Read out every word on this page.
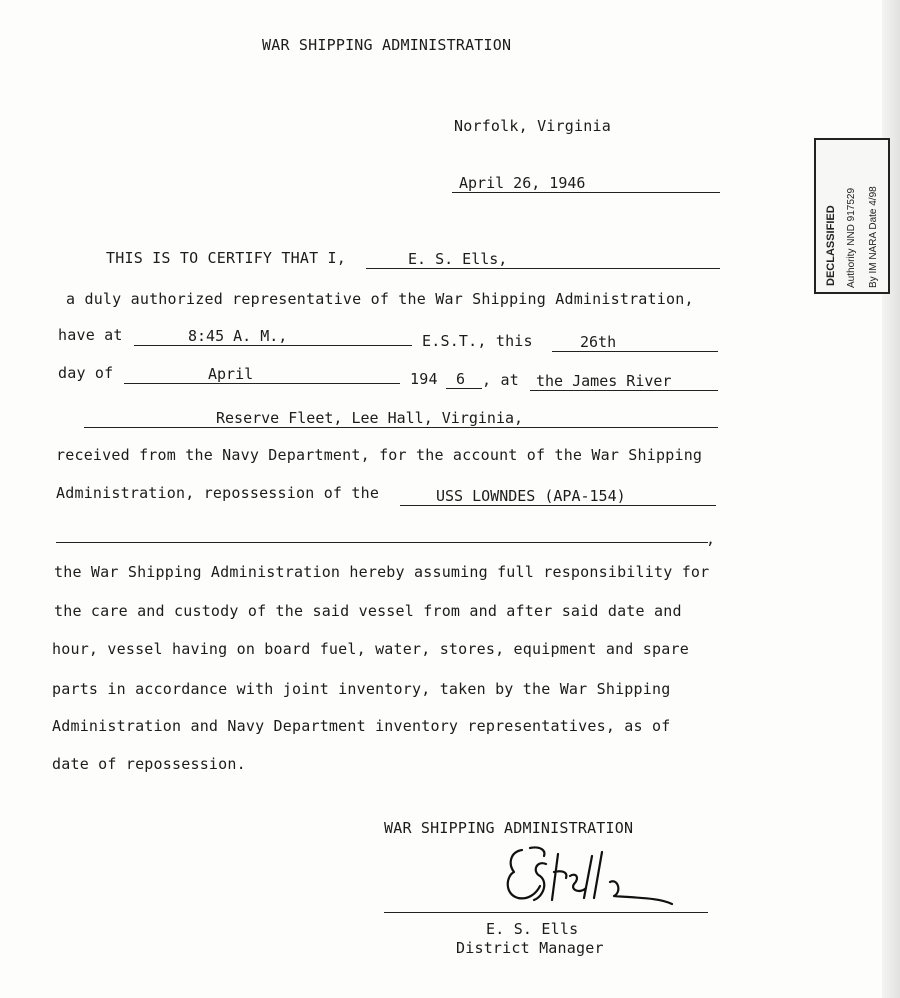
WAR SHIPPING ADMINISTRATION
Norfolk, Virginia
April 26, 1946
DECLASSIFIED Authority NND 917529 By IM NARA Date 4/98
THIS IS TO CERTIFY THAT I,	E. S. Ells,
a duly authorized representative of the War Shipping Administration,
have at	8:45 A. M.,	E.S.T., this	26th
day of	April	194 6 , at the James River
Reserve Fleet, Lee Hall, Virginia,
received from the Navy Department, for the account of the War Shipping
Administration, repossession of the	USS LOWNDES (APA-154)
,
the War Shipping Administration hereby assuming full responsibility for
the care and custody of the said vessel from and after said date and
hour, vessel having on board fuel, water, stores, equipment and spare
parts in accordance with joint inventory, taken by the War Shipping
Administration and Navy Department inventory representatives, as of
date of repossession.
WAR SHIPPING ADMINISTRATION
E. S. Ells
District Manager
